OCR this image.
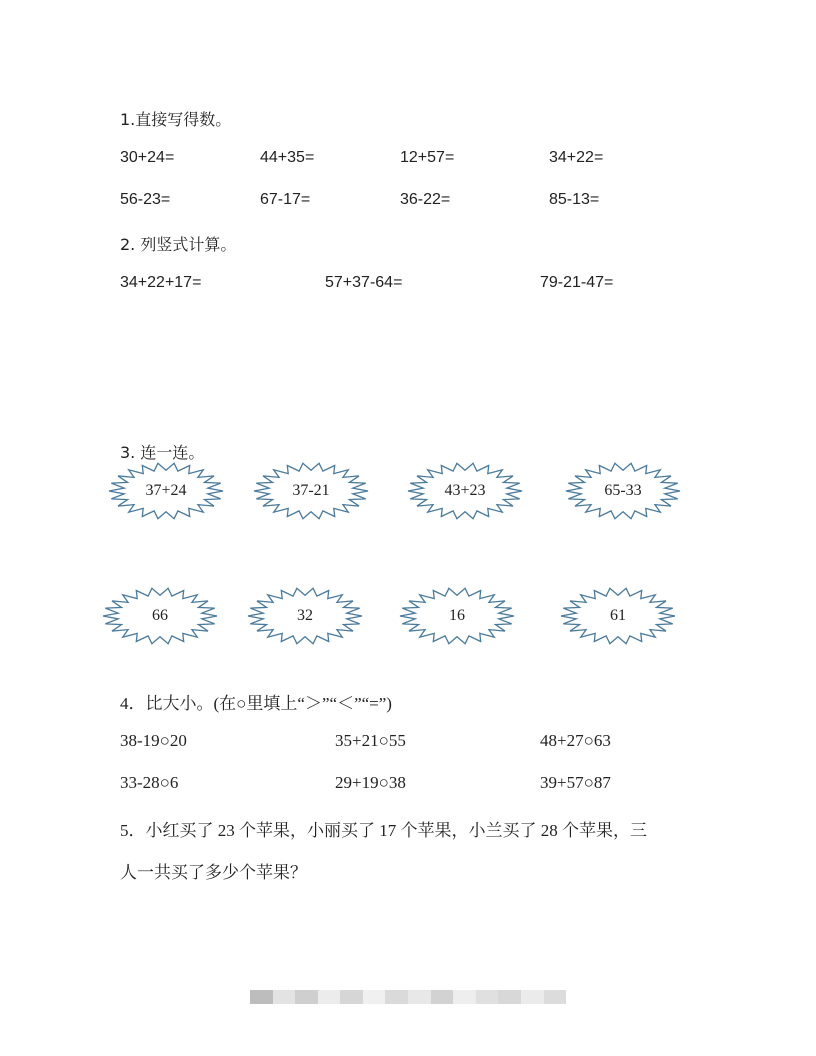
1.直接写得数。
30+24=	44+35=	12+57=	34+22=
56-23=	67-17=	36-22=	85-13=
2. 列竖式计算。
34+22+17=	57+37-64=	79-21-47=
3. 连一连。
37+24	37-21	43+23	65-33
66	32	16	61
4．比大小。(在○里填上“＞”“＜”“=”)
38-19○20	35+21○55	48+27○63
33-28○6	29+19○38	39+57○87
5．小红买了 23 个苹果，小丽买了 17 个苹果，小兰买了 28 个苹果，三
人一共买了多少个苹果？
